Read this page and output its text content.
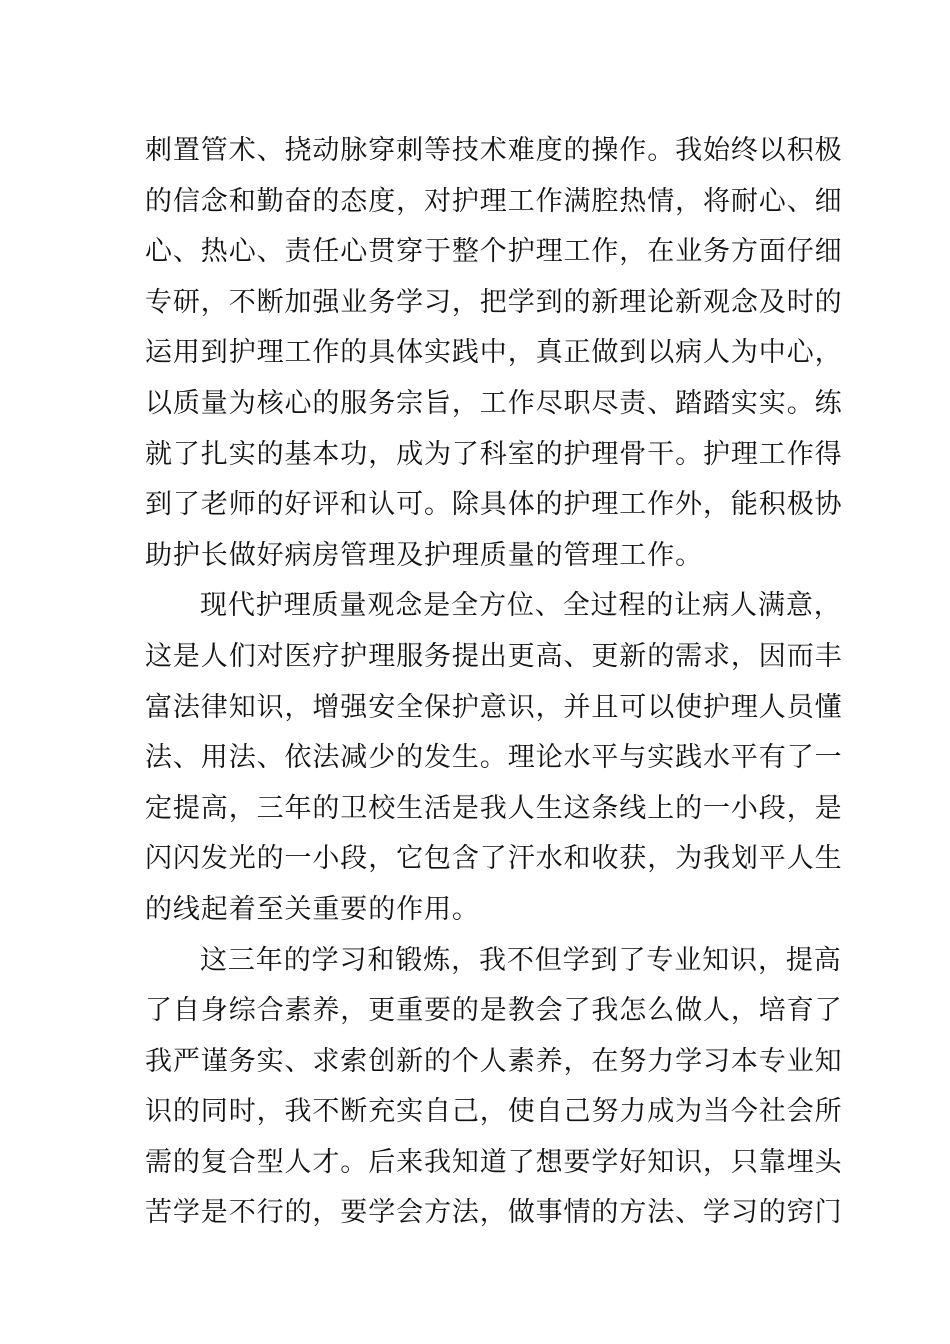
刺置管术、挠动脉穿刺等技术难度的操作。我始终以积极
的信念和勤奋的态度，对护理工作满腔热情，将耐心、细
心、热心、责任心贯穿于整个护理工作，在业务方面仔细
专研，不断加强业务学习，把学到的新理论新观念及时的
运用到护理工作的具体实践中，真正做到以病人为中心，
以质量为核心的服务宗旨，工作尽职尽责、踏踏实实。练
就了扎实的基本功，成为了科室的护理骨干。护理工作得
到了老师的好评和认可。除具体的护理工作外，能积极协
助护长做好病房管理及护理质量的管理工作。
现代护理质量观念是全方位、全过程的让病人满意，
这是人们对医疗护理服务提出更高、更新的需求，因而丰
富法律知识，增强安全保护意识，并且可以使护理人员懂
法、用法、依法减少的发生。理论水平与实践水平有了一
定提高，三年的卫校生活是我人生这条线上的一小段，是
闪闪发光的一小段，它包含了汗水和收获，为我划平人生
的线起着至关重要的作用。
这三年的学习和锻炼，我不但学到了专业知识，提高
了自身综合素养，更重要的是教会了我怎么做人，培育了
我严谨务实、求索创新的个人素养，在努力学习本专业知
识的同时，我不断充实自己，使自己努力成为当今社会所
需的复合型人才。后来我知道了想要学好知识，只靠埋头
苦学是不行的，要学会方法，做事情的方法、学习的窍门
